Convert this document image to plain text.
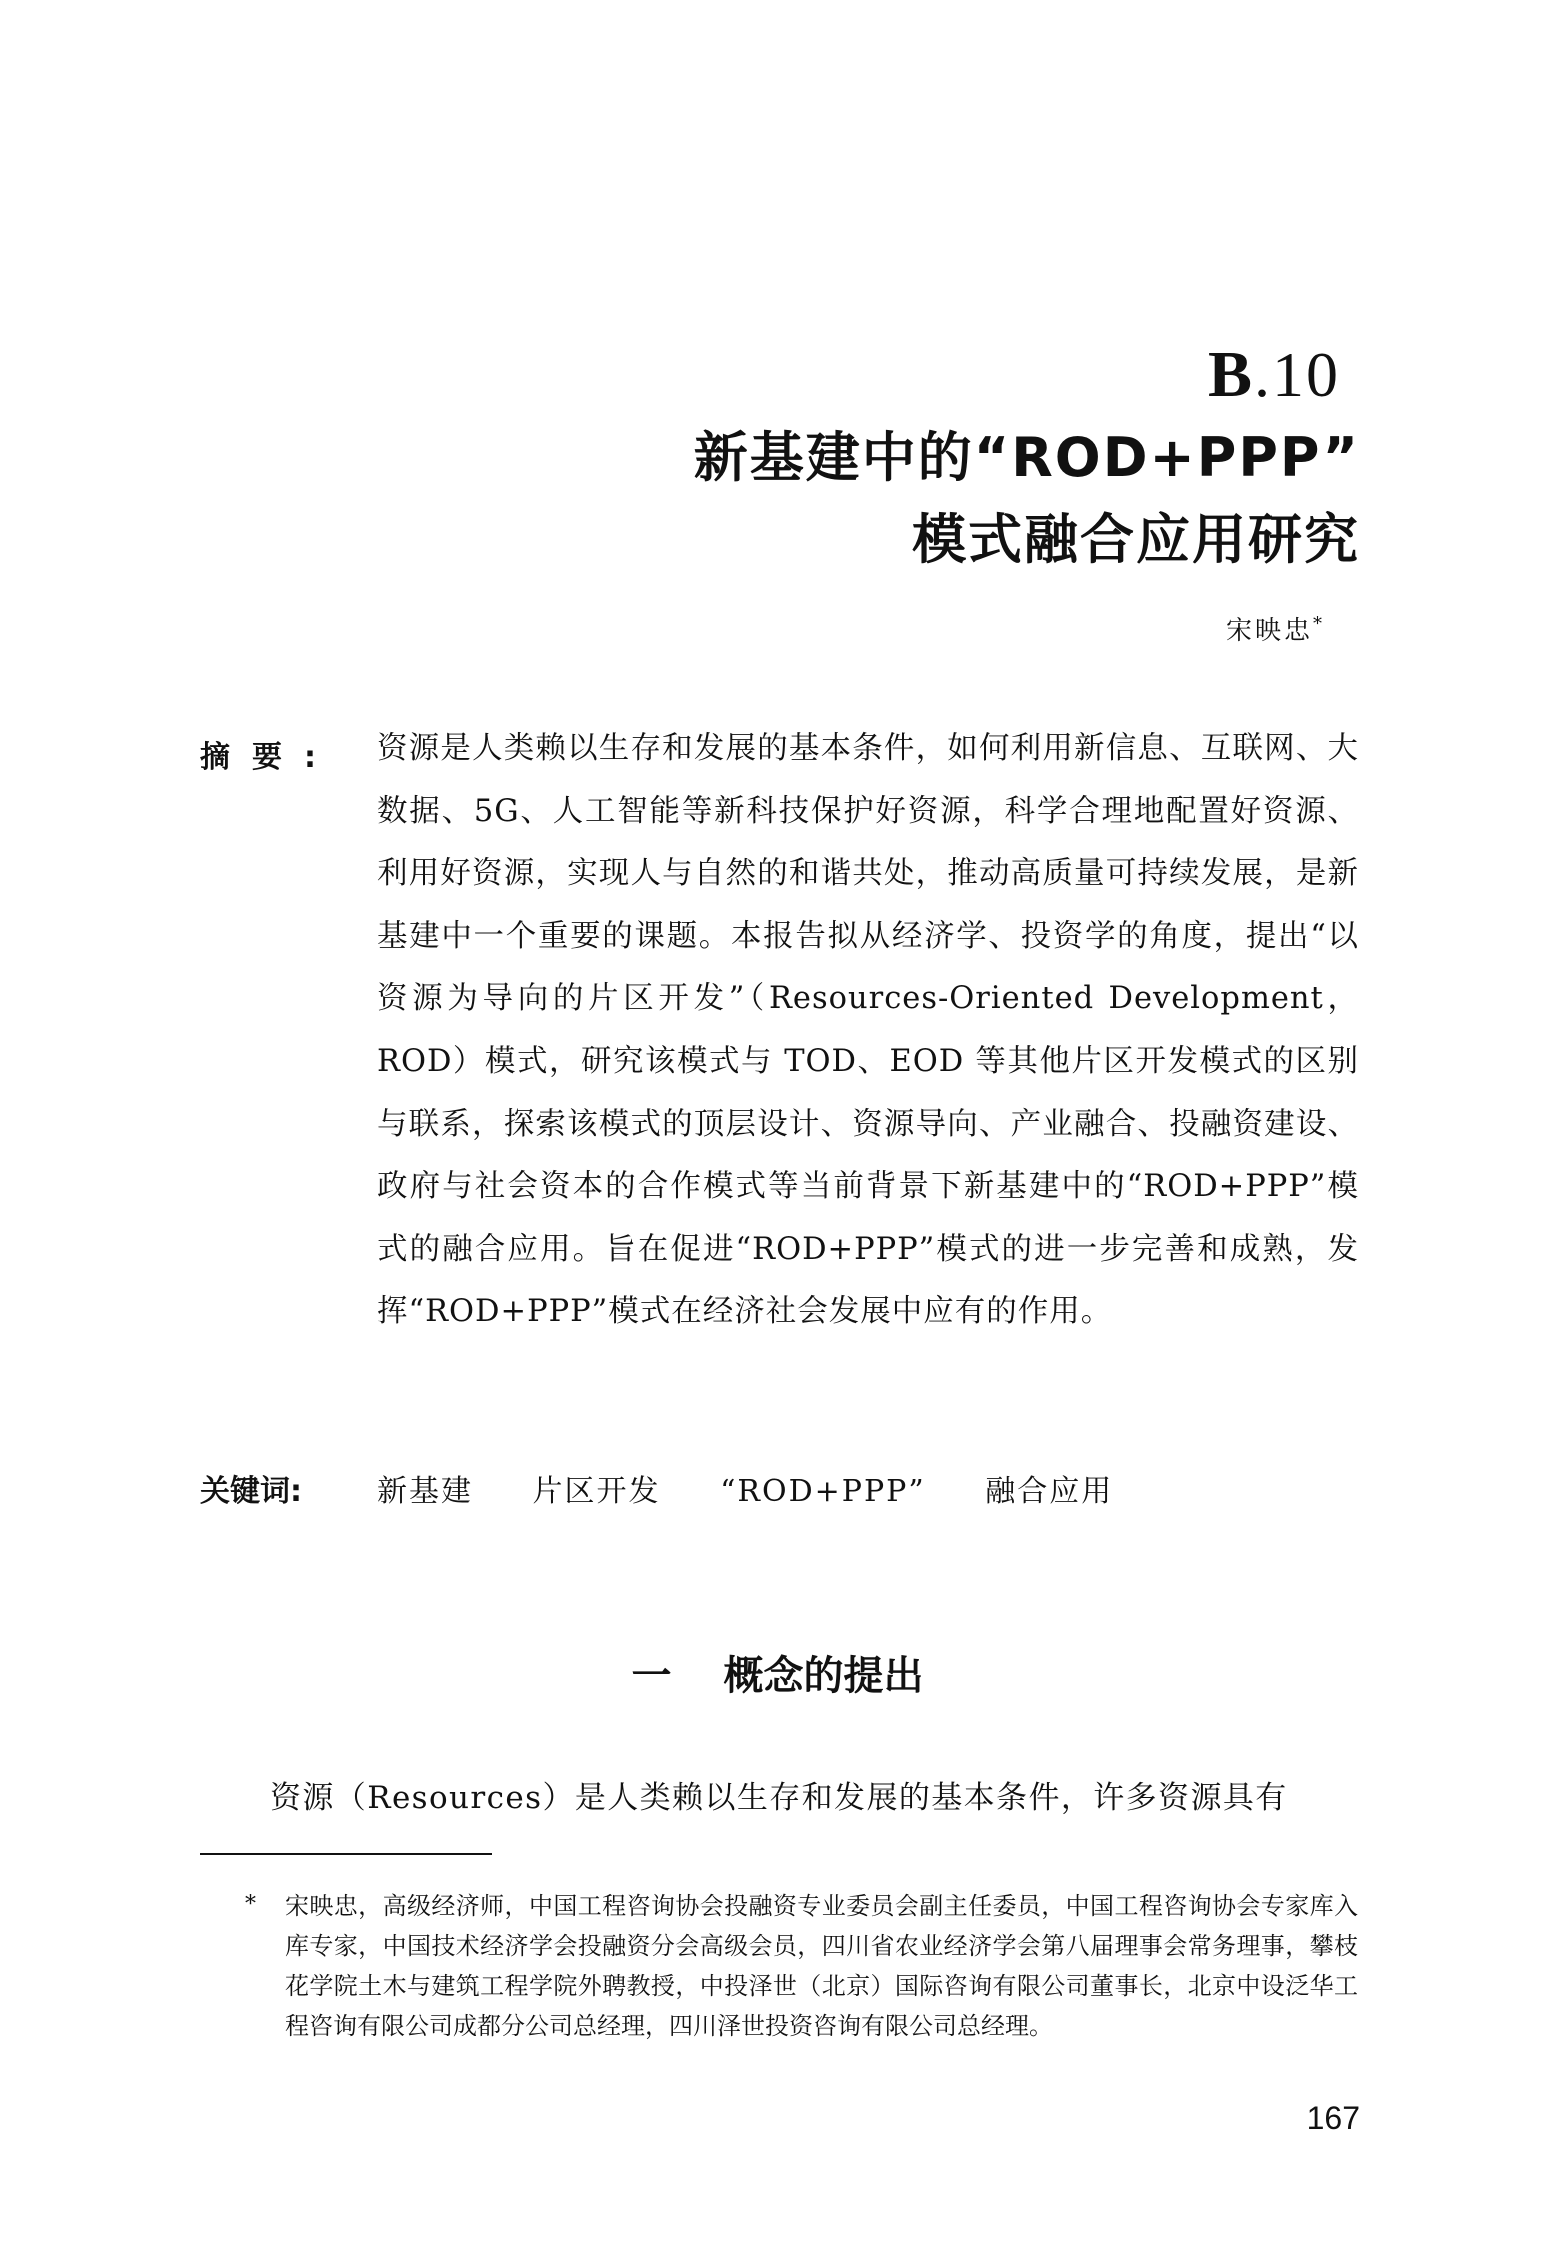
B.10
新基建中的“ROD+PPP”
模式融合应用研究
宋映忠*
摘要: 资源是人类赖以生存和发展的基本条件，如何利用新信息、互联网、大数据、5G、人工智能等新科技保护好资源，科学合理地配置好资源、利用好资源，实现人与自然的和谐共处，推动高质量可持续发展，是新基建中一个重要的课题。本报告拟从经济学、投资学的角度，提出“以资源为导向的片区开发”（Resources-Oriented Development，ROD）模式，研究该模式与 TOD、EOD 等其他片区开发模式的区别与联系，探索该模式的顶层设计、资源导向、产业融合、投融资建设、政府与社会资本的合作模式等当前背景下新基建中的“ROD+PPP”模式的融合应用。旨在促进“ROD+PPP”模式的进一步完善和成熟，发挥“ROD+PPP”模式在经济社会发展中应有的作用。
关键词:	新基建 片区开发 “ROD+PPP” 融合应用
一 概念的提出
资源（Resources）是人类赖以生存和发展的基本条件，许多资源具有
* 宋映忠，高级经济师，中国工程咨询协会投融资专业委员会副主任委员，中国工程咨询协会专家库入库专家，中国技术经济学会投融资分会高级会员，四川省农业经济学会第八届理事会常务理事，攀枝花学院土木与建筑工程学院外聘教授，中投泽世（北京）国际咨询有限公司董事长，北京中设泛华工程咨询有限公司成都分公司总经理，四川泽世投资咨询有限公司总经理。
167
